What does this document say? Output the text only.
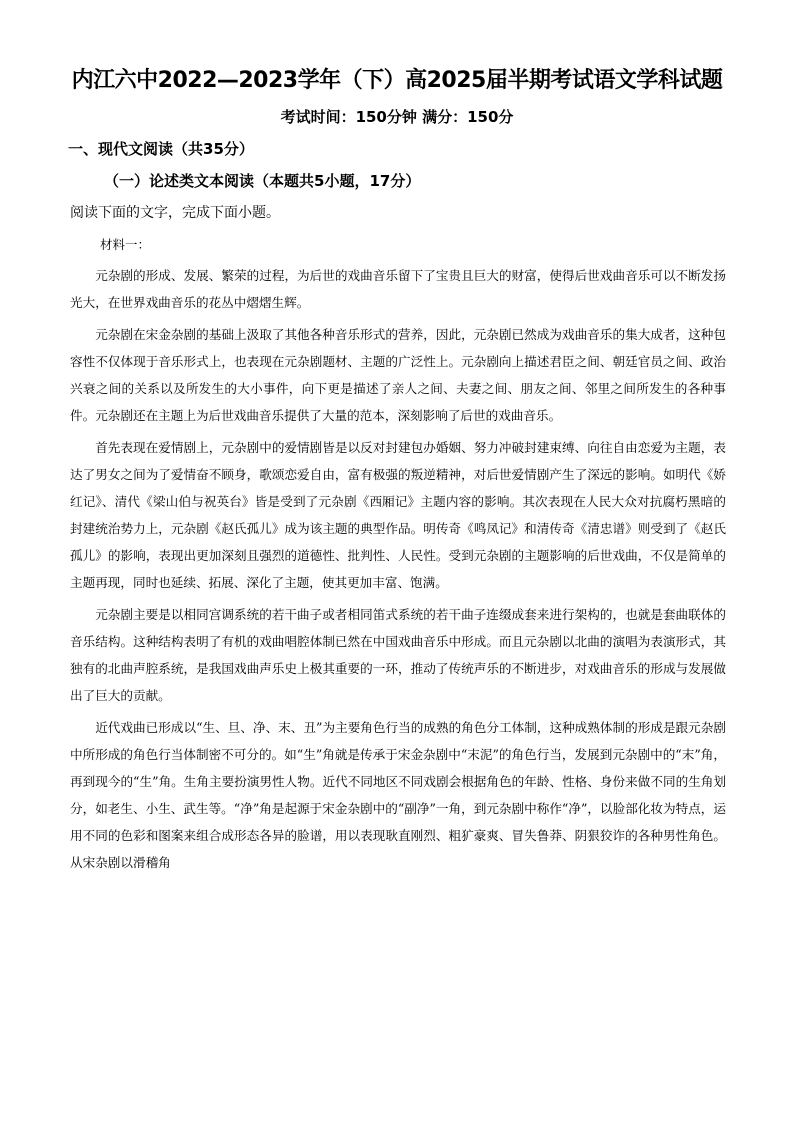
内江六中2022—2023学年（下）高2025届半期考试语文学科试题
考试时间：150分钟 满分：150分
一、现代文阅读（共35分）
（一）论述类文本阅读（本题共5小题，17分）
阅读下面的文字，完成下面小题。
材料一：

元杂剧的形成、发展、繁荣的过程，为后世的戏曲音乐留下了宝贵且巨大的财富，使得后世戏曲音乐可以不断发扬光大，在世界戏曲音乐的花丛中熠熠生辉。

元杂剧在宋金杂剧的基础上汲取了其他各种音乐形式的营养，因此，元杂剧已然成为戏曲音乐的集大成者，这种包容性不仅体现于音乐形式上，也表现在元杂剧题材、主题的广泛性上。元杂剧向上描述君臣之间、朝廷官员之间、政治兴衰之间的关系以及所发生的大小事件，向下更是描述了亲人之间、夫妻之间、朋友之间、邻里之间所发生的各种事件。元杂剧还在主题上为后世戏曲音乐提供了大量的范本，深刻影响了后世的戏曲音乐。

首先表现在爱情剧上，元杂剧中的爱情剧皆是以反对封建包办婚姻、努力冲破封建束缚、向往自由恋爱为主题，表达了男女之间为了爱情奋不顾身，歌颂恋爱自由，富有极强的叛逆精神，对后世爱情剧产生了深远的影响。如明代《娇红记》、清代《梁山伯与祝英台》皆是受到了元杂剧《西厢记》主题内容的影响。其次表现在人民大众对抗腐朽黑暗的封建统治势力上，元杂剧《赵氏孤儿》成为该主题的典型作品。明传奇《鸣凤记》和清传奇《清忠谱》则受到了《赵氏孤儿》的影响，表现出更加深刻且强烈的道德性、批判性、人民性。受到元杂剧的主题影响的后世戏曲，不仅是简单的主题再现，同时也延续、拓展、深化了主题，使其更加丰富、饱满。

元杂剧主要是以相同宫调系统的若干曲子或者相同笛式系统的若干曲子连缀成套来进行架构的，也就是套曲联体的音乐结构。这种结构表明了有机的戏曲唱腔体制已然在中国戏曲音乐中形成。而且元杂剧以北曲的演唱为表演形式，其独有的北曲声腔系统，是我国戏曲声乐史上极其重要的一环，推动了传统声乐的不断进步，对戏曲音乐的形成与发展做出了巨大的贡献。

近代戏曲已形成以“生、旦、净、末、丑”为主要角色行当的成熟的角色分工体制，这种成熟体制的形成是跟元杂剧中所形成的角色行当体制密不可分的。如“生”角就是传承于宋金杂剧中“末泥”的角色行当，发展到元杂剧中的“末”角，再到现今的“生”角。生角主要扮演男性人物。近代不同地区不同戏剧会根据角色的年龄、性格、身份来做不同的生角划分，如老生、小生、武生等。“净”角是起源于宋金杂剧中的“副净”一角，到元杂剧中称作“净”，以脸部化妆为特点，运用不同的色彩和图案来组合成形态各异的脸谱，用以表现耿直刚烈、粗犷豪爽、冒失鲁莽、阴狠狡诈的各种男性角色。从宋杂剧以滑稽角
